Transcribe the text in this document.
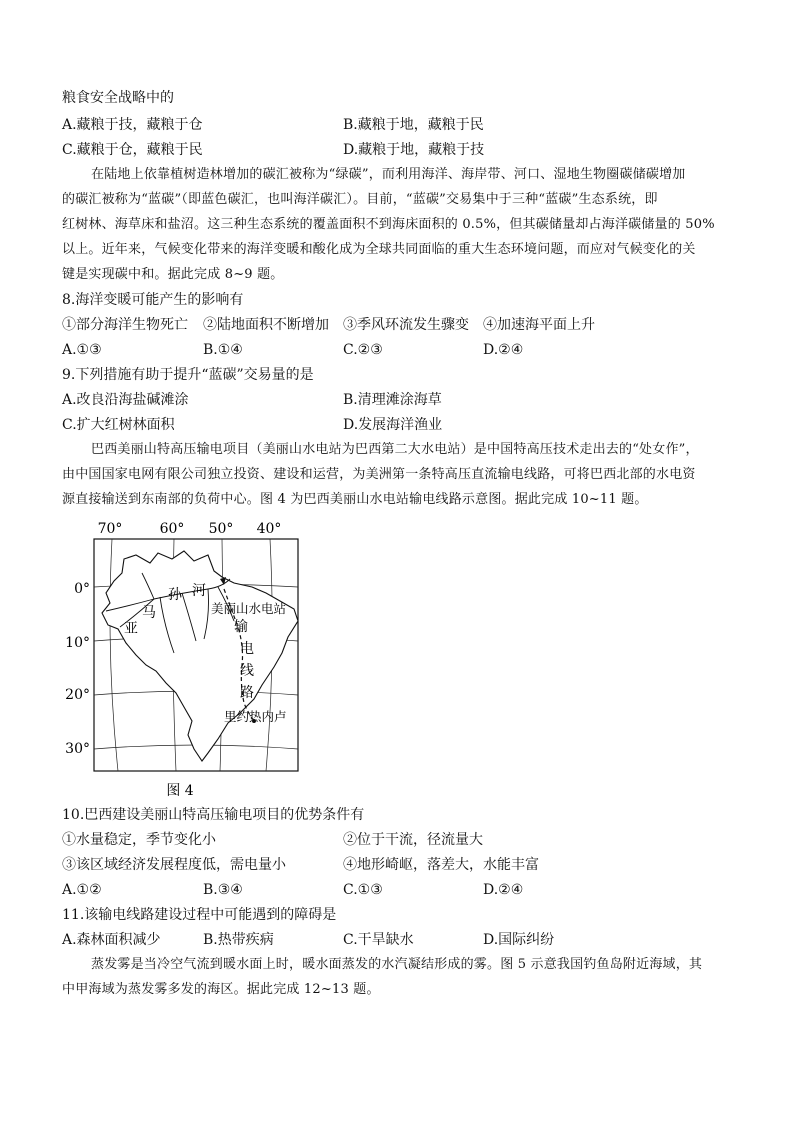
粮食安全战略中的
A.藏粮于技，藏粮于仓	B.藏粮于地，藏粮于民
C.藏粮于仓，藏粮于民	D.藏粮于地，藏粮于技
在陆地上依靠植树造林增加的碳汇被称为“绿碳”，而利用海洋、海岸带、河口、湿地生物圈碳储碳增加
的碳汇被称为“蓝碳”（即蓝色碳汇，也叫海洋碳汇）。目前，“蓝碳”交易集中于三种“蓝碳”生态系统，即
红树林、海草床和盐沼。这三种生态系统的覆盖面积不到海床面积的 0.5%，但其碳储量却占海洋碳储量的 50%
以上。近年来，气候变化带来的海洋变暖和酸化成为全球共同面临的重大生态环境问题，而应对气候变化的关
键是实现碳中和。据此完成 8~9 题。
8.海洋变暖可能产生的影响有
①部分海洋生物死亡 ②陆地面积不断增加 ③季风环流发生骤变 ④加速海平面上升
A.①③	B.①④	C.②③	D.②④
9.下列措施有助于提升“蓝碳”交易量的是
A.改良沿海盐碱滩涂	B.清理滩涂海草
C.扩大红树林面积	D.发展海洋渔业
巴西美丽山特高压输电项目（美丽山水电站为巴西第二大水电站）是中国特高压技术走出去的“处女作”，
由中国国家电网有限公司独立投资、建设和运营，为美洲第一条特高压直流输电线路，可将巴西北部的水电资
源直接输送到东南部的负荷中心。图 4 为巴西美丽山水电站输电线路示意图。据此完成 10~11 题。
70°	60° 50° 40°
0°
10°
20°
30°
亚
马
孙 河
美丽山水电站
输
电
线
路
里约热内卢
图 4
10.巴西建设美丽山特高压输电项目的优势条件有
①水量稳定，季节变化小	②位于干流，径流量大
③该区域经济发展程度低，需电量小	④地形崎岖，落差大，水能丰富
A.①②	B.③④	C.①③	D.②④
11.该输电线路建设过程中可能遇到的障碍是
A.森林面积减少	B.热带疾病	C.干旱缺水	D.国际纠纷
蒸发雾是当冷空气流到暖水面上时，暖水面蒸发的水汽凝结形成的雾。图 5 示意我国钓鱼岛附近海域，其
中甲海域为蒸发雾多发的海区。据此完成 12~13 题。
